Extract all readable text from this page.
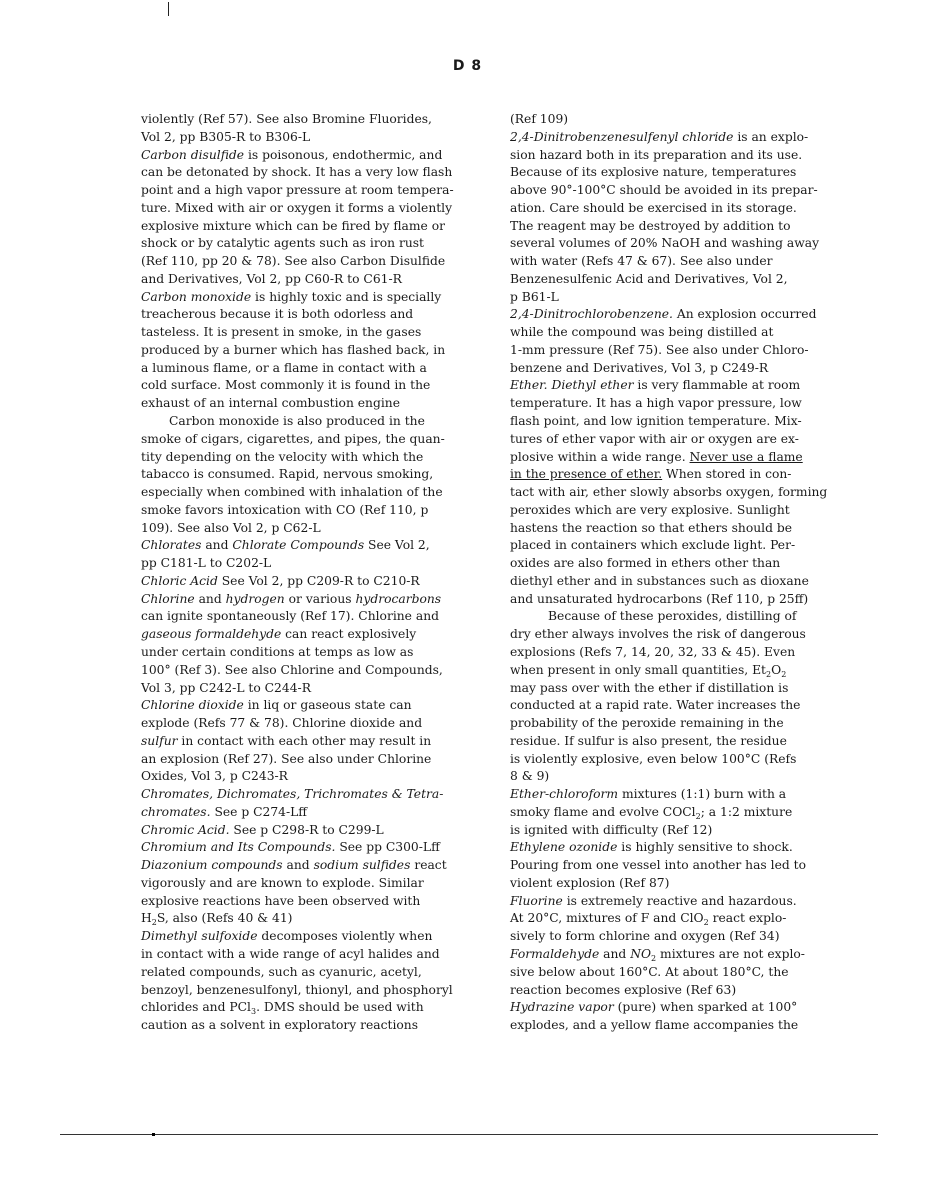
D 8
violently (Ref 57). See also Bromine Fluorides,
Vol 2, pp B305-R to B306-L
Carbon disulfide is poisonous, endothermic, and
can be detonated by shock. It has a very low flash
point and a high vapor pressure at room tempera-
ture. Mixed with air or oxygen it forms a violently
explosive mixture which can be fired by flame or
shock or by catalytic agents such as iron rust
(Ref 110, pp 20 & 78). See also Carbon Disulfide
and Derivatives, Vol 2, pp C60-R to C61-R
Carbon monoxide is highly toxic and is specially
treacherous because it is both odorless and
tasteless. It is present in smoke, in the gases
produced by a burner which has flashed back, in
a luminous flame, or a flame in contact with a
cold surface. Most commonly it is found in the
exhaust of an internal combustion engine
Carbon monoxide is also produced in the
smoke of cigars, cigarettes, and pipes, the quan-
tity depending on the velocity with which the
tabacco is consumed. Rapid, nervous smoking,
especially when combined with inhalation of the
smoke favors intoxication with CO (Ref 110, p
109). See also Vol 2, p C62-L
Chlorates and Chlorate Compounds See Vol 2,
pp C181-L to C202-L
Chloric Acid See Vol 2, pp C209-R to C210-R
Chlorine and hydrogen or various hydrocarbons
can ignite spontaneously (Ref 17). Chlorine and
gaseous formaldehyde can react explosively
under certain conditions at temps as low as
100° (Ref 3). See also Chlorine and Compounds,
Vol 3, pp C242-L to C244-R
Chlorine dioxide in liq or gaseous state can
explode (Refs 77 & 78). Chlorine dioxide and
sulfur in contact with each other may result in
an explosion (Ref 27). See also under Chlorine
Oxides, Vol 3, p C243-R
Chromates, Dichromates, Trichromates & Tetra-
chromates. See p C274-Lff
Chromic Acid. See p C298-R to C299-L
Chromium and Its Compounds. See pp C300-Lff
Diazonium compounds and sodium sulfides react
vigorously and are known to explode. Similar
explosive reactions have been observed with
$H_2S$, also (Refs 40 & 41)
Dimethyl sulfoxide decomposes violently when
in contact with a wide range of acyl halides and
related compounds, such as cyanuric, acetyl,
benzoyl, benzenesulfonyl, thionyl, and phosphoryl
chlorides and PCl$_3$. DMS should be used with
caution as a solvent in exploratory reactions
(Ref 109)
2,4-Dinitrobenzenesulfenyl chloride is an explo-
sion hazard both in its preparation and its use.
Because of its explosive nature, temperatures
above 90°-100°C should be avoided in its prepar-
ation. Care should be exercised in its storage.
The reagent may be destroyed by addition to
several volumes of 20% NaOH and washing away
with water (Refs 47 & 67). See also under
Benzenesulfenic Acid and Derivatives, Vol 2,
p B61-L
2,4-Dinitrochlorobenzene. An explosion occurred
while the compound was being distilled at
1-mm pressure (Ref 75). See also under Chloro-
benzene and Derivatives, Vol 3, p C249-R
Ether. Diethyl ether is very flammable at room
temperature. It has a high vapor pressure, low
flash point, and low ignition temperature. Mix-
tures of ether vapor with air or oxygen are ex-
plosive within a wide range. Never use a flame
in the presence of ether. When stored in con-
tact with air, ether slowly absorbs oxygen, forming
peroxides which are very explosive. Sunlight
hastens the reaction so that ethers should be
placed in containers which exclude light. Per-
oxides are also formed in ethers other than
diethyl ether and in substances such as dioxane
and unsaturated hydrocarbons (Ref 110, p 25ff)
Because of these peroxides, distilling of
dry ether always involves the risk of dangerous
explosions (Refs 7, 14, 20, 32, 33 & 45). Even
when present in only small quantities, $Et_2O_2$
may pass over with the ether if distillation is
conducted at a rapid rate. Water increases the
probability of the peroxide remaining in the
residue. If sulfur is also present, the residue
is violently explosive, even below 100°C (Refs
8 & 9)
Ether-chloroform mixtures (1:1) burn with a
smoky flame and evolve COCl$_2$; a 1:2 mixture
is ignited with difficulty (Ref 12)
Ethylene ozonide is highly sensitive to shock.
Pouring from one vessel into another has led to
violent explosion (Ref 87)
Fluorine is extremely reactive and hazardous.
At 20°C, mixtures of F and ClO$_2$ react explo-
sively to form chlorine and oxygen (Ref 34)
Formaldehyde and $NO_2$ mixtures are not explo-
sive below about 160°C. At about 180°C, the
reaction becomes explosive (Ref 63)
Hydrazine vapor (pure) when sparked at 100°
explodes, and a yellow flame accompanies the
